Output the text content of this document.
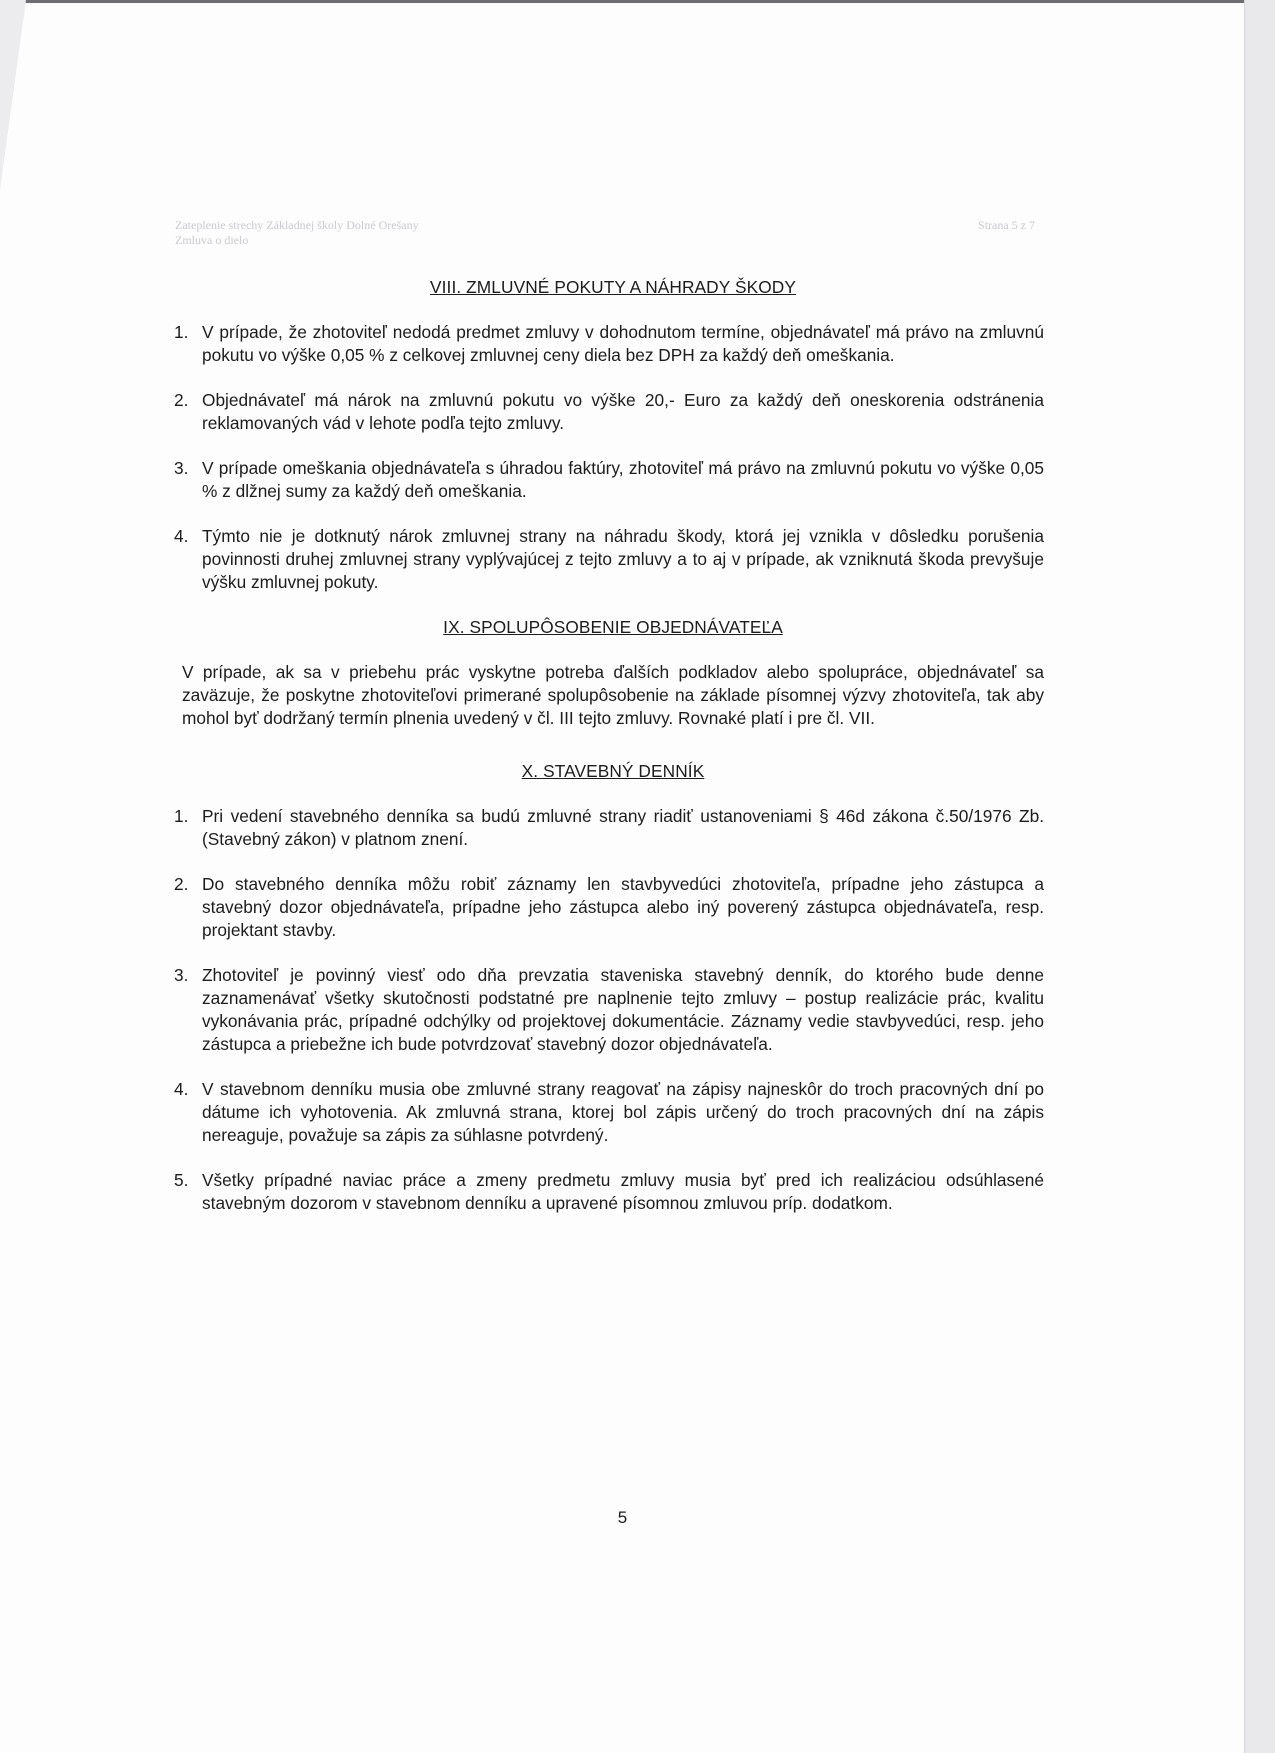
Zateplenie strechy Základnej školy Dolné Orešany
Zmluva o dielo
Strana 5 z 7
VIII. ZMLUVNÉ POKUTY A NÁHRADY ŠKODY
1. V prípade, že zhotoviteľ nedodá predmet zmluvy v dohodnutom termíne, objednávateľ má právo na zmluvnú pokutu vo výške 0,05 % z celkovej zmluvnej ceny diela bez DPH za každý deň omeškania.
2. Objednávateľ má nárok na zmluvnú pokutu vo výške 20,- Euro za každý deň oneskorenia odstránenia reklamovaných vád v lehote podľa tejto zmluvy.
3. V prípade omeškania objednávateľa s úhradou faktúry, zhotoviteľ má právo na zmluvnú pokutu vo výške 0,05 % z dlžnej sumy za každý deň omeškania.
4. Týmto nie je dotknutý nárok zmluvnej strany na náhradu škody, ktorá jej vznikla v dôsledku porušenia povinnosti druhej zmluvnej strany vyplývajúcej z tejto zmluvy a to aj v prípade, ak vzniknutá škoda prevyšuje výšku zmluvnej pokuty.
IX. SPOLUPÔSOBENIE OBJEDNÁVATEĽA

V prípade, ak sa v priebehu prác vyskytne potreba ďalších podkladov alebo spolupráce, objednávateľ sa zaväzuje, že poskytne zhotoviteľovi primerané spolupôsobenie na základe písomnej výzvy zhotoviteľa, tak aby mohol byť dodržaný termín plnenia uvedený v čl. III tejto zmluvy. Rovnaké platí i pre čl. VII.

X. STAVEBNÝ DENNÍK
1. Pri vedení stavebného denníka sa budú zmluvné strany riadiť ustanoveniami § 46d zákona č.50/1976 Zb. (Stavebný zákon) v platnom znení.
2. Do stavebného denníka môžu robiť záznamy len stavbyvedúci zhotoviteľa, prípadne jeho zástupca a stavebný dozor objednávateľa, prípadne jeho zástupca alebo iný poverený zástupca objednávateľa, resp. projektant stavby.
3. Zhotoviteľ je povinný viesť odo dňa prevzatia staveniska stavebný denník, do ktorého bude denne zaznamenávať všetky skutočnosti podstatné pre naplnenie tejto zmluvy – postup realizácie prác, kvalitu vykonávania prác, prípadné odchýlky od projektovej dokumentácie. Záznamy vedie stavbyvedúci, resp. jeho zástupca a priebežne ich bude potvrdzovať stavebný dozor objednávateľa.
4. V stavebnom denníku musia obe zmluvné strany reagovať na zápisy najneskôr do troch pracovných dní po dátume ich vyhotovenia. Ak zmluvná strana, ktorej bol zápis určený do troch pracovných dní na zápis nereaguje, považuje sa zápis za súhlasne potvrdený.
5. Všetky prípadné naviac práce a zmeny predmetu zmluvy musia byť pred ich realizáciou odsúhlasené stavebným dozorom v stavebnom denníku a upravené písomnou zmluvou príp. dodatkom.
5
